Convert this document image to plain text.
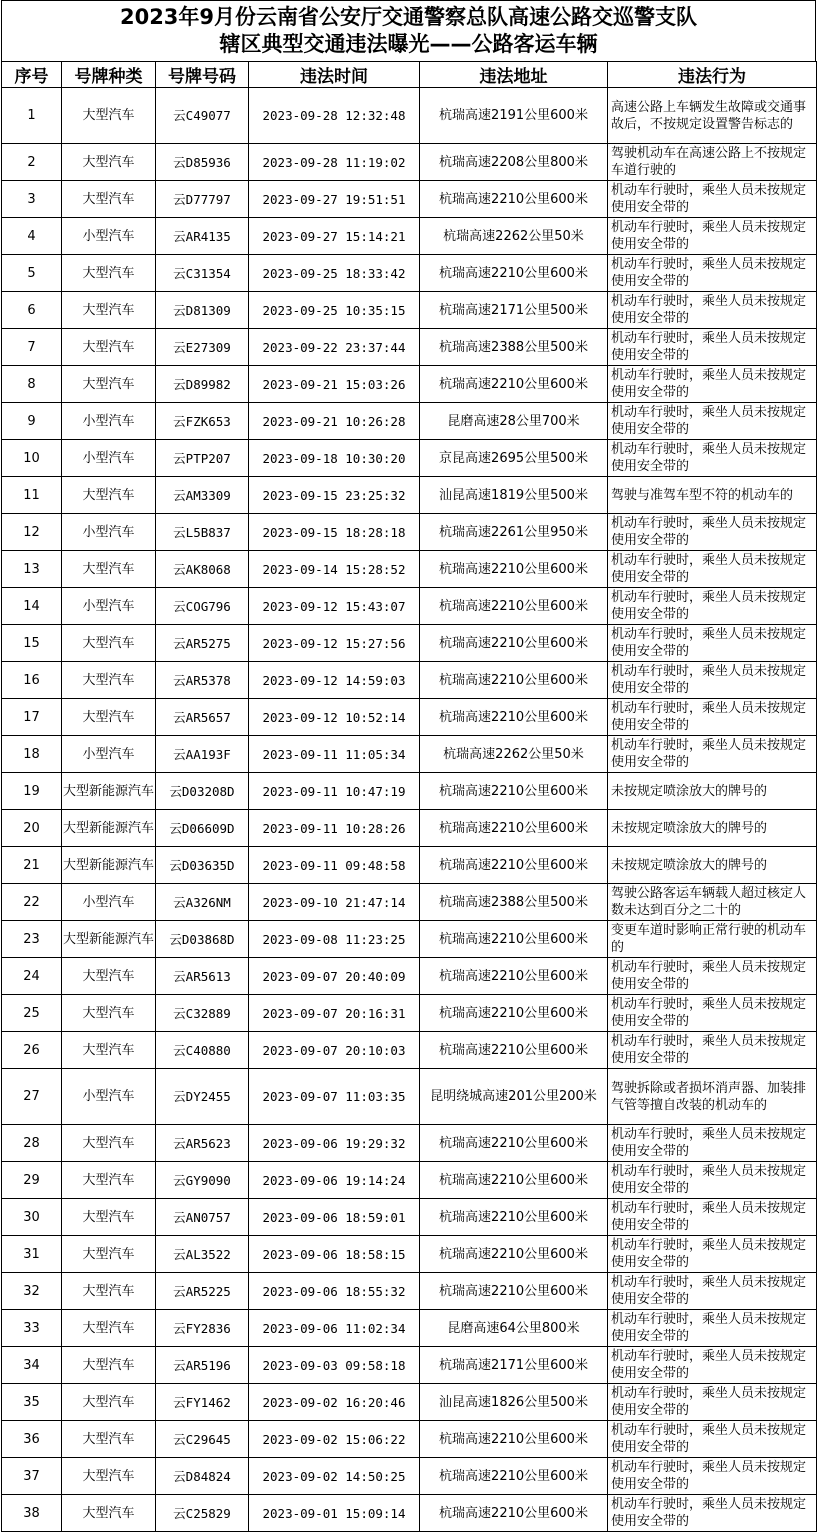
2023年9月份云南省公安厅交通警察总队高速公路交巡警支队
辖区典型交通违法曝光——公路客运车辆
序号	号牌种类	号牌号码	违法时间	违法地址	违法行为
1	大型汽车	云C49077	2023-09-28 12:32:48	杭瑞高速2191公里600米	高速公路上车辆发生故障或交通事故后，不按规定设置警告标志的
2	大型汽车	云D85936	2023-09-28 11:19:02	杭瑞高速2208公里800米	驾驶机动车在高速公路上不按规定车道行驶的
3	大型汽车	云D77797	2023-09-27 19:51:51	杭瑞高速2210公里600米	机动车行驶时，乘坐人员未按规定使用安全带的
4	小型汽车	云AR4135	2023-09-27 15:14:21	杭瑞高速2262公里50米	机动车行驶时，乘坐人员未按规定使用安全带的
5	大型汽车	云C31354	2023-09-25 18:33:42	杭瑞高速2210公里600米	机动车行驶时，乘坐人员未按规定使用安全带的
6	大型汽车	云D81309	2023-09-25 10:35:15	杭瑞高速2171公里500米	机动车行驶时，乘坐人员未按规定使用安全带的
7	大型汽车	云E27309	2023-09-22 23:37:44	杭瑞高速2388公里500米	机动车行驶时，乘坐人员未按规定使用安全带的
8	大型汽车	云D89982	2023-09-21 15:03:26	杭瑞高速2210公里600米	机动车行驶时，乘坐人员未按规定使用安全带的
9	小型汽车	云FZK653	2023-09-21 10:26:28	昆磨高速28公里700米	机动车行驶时，乘坐人员未按规定使用安全带的
10	小型汽车	云PTP207	2023-09-18 10:30:20	京昆高速2695公里500米	机动车行驶时，乘坐人员未按规定使用安全带的
11	大型汽车	云AM3309	2023-09-15 23:25:32	汕昆高速1819公里500米	驾驶与准驾车型不符的机动车的
12	小型汽车	云L5B837	2023-09-15 18:28:18	杭瑞高速2261公里950米	机动车行驶时，乘坐人员未按规定使用安全带的
13	大型汽车	云AK8068	2023-09-14 15:28:52	杭瑞高速2210公里600米	机动车行驶时，乘坐人员未按规定使用安全带的
14	小型汽车	云COG796	2023-09-12 15:43:07	杭瑞高速2210公里600米	机动车行驶时，乘坐人员未按规定使用安全带的
15	大型汽车	云AR5275	2023-09-12 15:27:56	杭瑞高速2210公里600米	机动车行驶时，乘坐人员未按规定使用安全带的
16	大型汽车	云AR5378	2023-09-12 14:59:03	杭瑞高速2210公里600米	机动车行驶时，乘坐人员未按规定使用安全带的
17	大型汽车	云AR5657	2023-09-12 10:52:14	杭瑞高速2210公里600米	机动车行驶时，乘坐人员未按规定使用安全带的
18	小型汽车	云AA193F	2023-09-11 11:05:34	杭瑞高速2262公里50米	机动车行驶时，乘坐人员未按规定使用安全带的
19	大型新能源汽车	云D03208D	2023-09-11 10:47:19	杭瑞高速2210公里600米	未按规定喷涂放大的牌号的
20	大型新能源汽车	云D06609D	2023-09-11 10:28:26	杭瑞高速2210公里600米	未按规定喷涂放大的牌号的
21	大型新能源汽车	云D03635D	2023-09-11 09:48:58	杭瑞高速2210公里600米	未按规定喷涂放大的牌号的
22	小型汽车	云A326NM	2023-09-10 21:47:14	杭瑞高速2388公里500米	驾驶公路客运车辆载人超过核定人数未达到百分之二十的
23	大型新能源汽车	云D03868D	2023-09-08 11:23:25	杭瑞高速2210公里600米	变更车道时影响正常行驶的机动车的
24	大型汽车	云AR5613	2023-09-07 20:40:09	杭瑞高速2210公里600米	机动车行驶时，乘坐人员未按规定使用安全带的
25	大型汽车	云C32889	2023-09-07 20:16:31	杭瑞高速2210公里600米	机动车行驶时，乘坐人员未按规定使用安全带的
26	大型汽车	云C40880	2023-09-07 20:10:03	杭瑞高速2210公里600米	机动车行驶时，乘坐人员未按规定使用安全带的
27	小型汽车	云DY2455	2023-09-07 11:03:35	昆明绕城高速201公里200米	驾驶拆除或者损坏消声器、加装排气管等擅自改装的机动车的
28	大型汽车	云AR5623	2023-09-06 19:29:32	杭瑞高速2210公里600米	机动车行驶时，乘坐人员未按规定使用安全带的
29	大型汽车	云GY9090	2023-09-06 19:14:24	杭瑞高速2210公里600米	机动车行驶时，乘坐人员未按规定使用安全带的
30	大型汽车	云AN0757	2023-09-06 18:59:01	杭瑞高速2210公里600米	机动车行驶时，乘坐人员未按规定使用安全带的
31	大型汽车	云AL3522	2023-09-06 18:58:15	杭瑞高速2210公里600米	机动车行驶时，乘坐人员未按规定使用安全带的
32	大型汽车	云AR5225	2023-09-06 18:55:32	杭瑞高速2210公里600米	机动车行驶时，乘坐人员未按规定使用安全带的
33	大型汽车	云FY2836	2023-09-06 11:02:34	昆磨高速64公里800米	机动车行驶时，乘坐人员未按规定使用安全带的
34	大型汽车	云AR5196	2023-09-03 09:58:18	杭瑞高速2171公里600米	机动车行驶时，乘坐人员未按规定使用安全带的
35	大型汽车	云FY1462	2023-09-02 16:20:46	汕昆高速1826公里500米	机动车行驶时，乘坐人员未按规定使用安全带的
36	大型汽车	云C29645	2023-09-02 15:06:22	杭瑞高速2210公里600米	机动车行驶时，乘坐人员未按规定使用安全带的
37	大型汽车	云D84824	2023-09-02 14:50:25	杭瑞高速2210公里600米	机动车行驶时，乘坐人员未按规定使用安全带的
38	大型汽车	云C25829	2023-09-01 15:09:14	杭瑞高速2210公里600米	机动车行驶时，乘坐人员未按规定使用安全带的
